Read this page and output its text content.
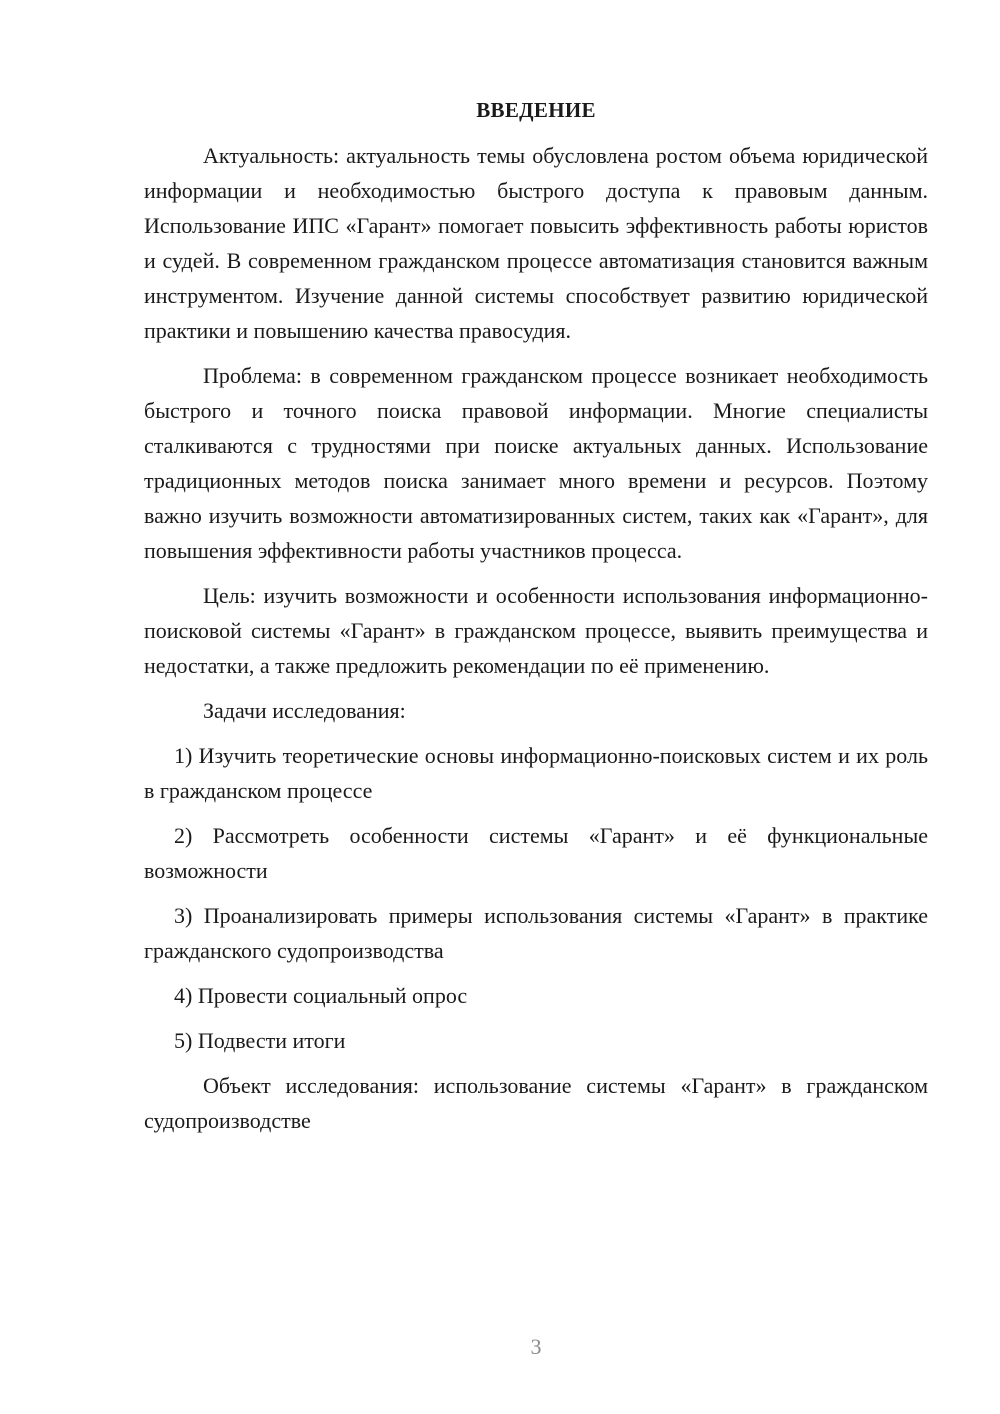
ВВЕДЕНИЕ

Актуальность: актуальность темы обусловлена ростом объема юридической информации и необходимостью быстрого доступа к правовым данным. Использование ИПС «Гарант» помогает повысить эффективность работы юристов и судей. В современном гражданском процессе автоматизация становится важным инструментом. Изучение данной системы способствует развитию юридической практики и повышению качества правосудия.

Проблема: в современном гражданском процессе возникает необходимость быстрого и точного поиска правовой информации. Многие специалисты сталкиваются с трудностями при поиске актуальных данных. Использование традиционных методов поиска занимает много времени и ресурсов. Поэтому важно изучить возможности автоматизированных систем, таких как «Гарант», для повышения эффективности работы участников процесса.

Цель: изучить возможности и особенности использования информационно-поисковой системы «Гарант» в гражданском процессе, выявить преимущества и недостатки, а также предложить рекомендации по её применению.

Задачи исследования:

1) Изучить теоретические основы информационно-поисковых систем и их роль в гражданском процессе

2) Рассмотреть особенности системы «Гарант» и её функциональные возможности

3) Проанализировать примеры использования системы «Гарант» в практике гражданского судопроизводства

4) Провести социальный опрос

5) Подвести итоги

Объект исследования: использование системы «Гарант» в гражданском судопроизводстве

3
